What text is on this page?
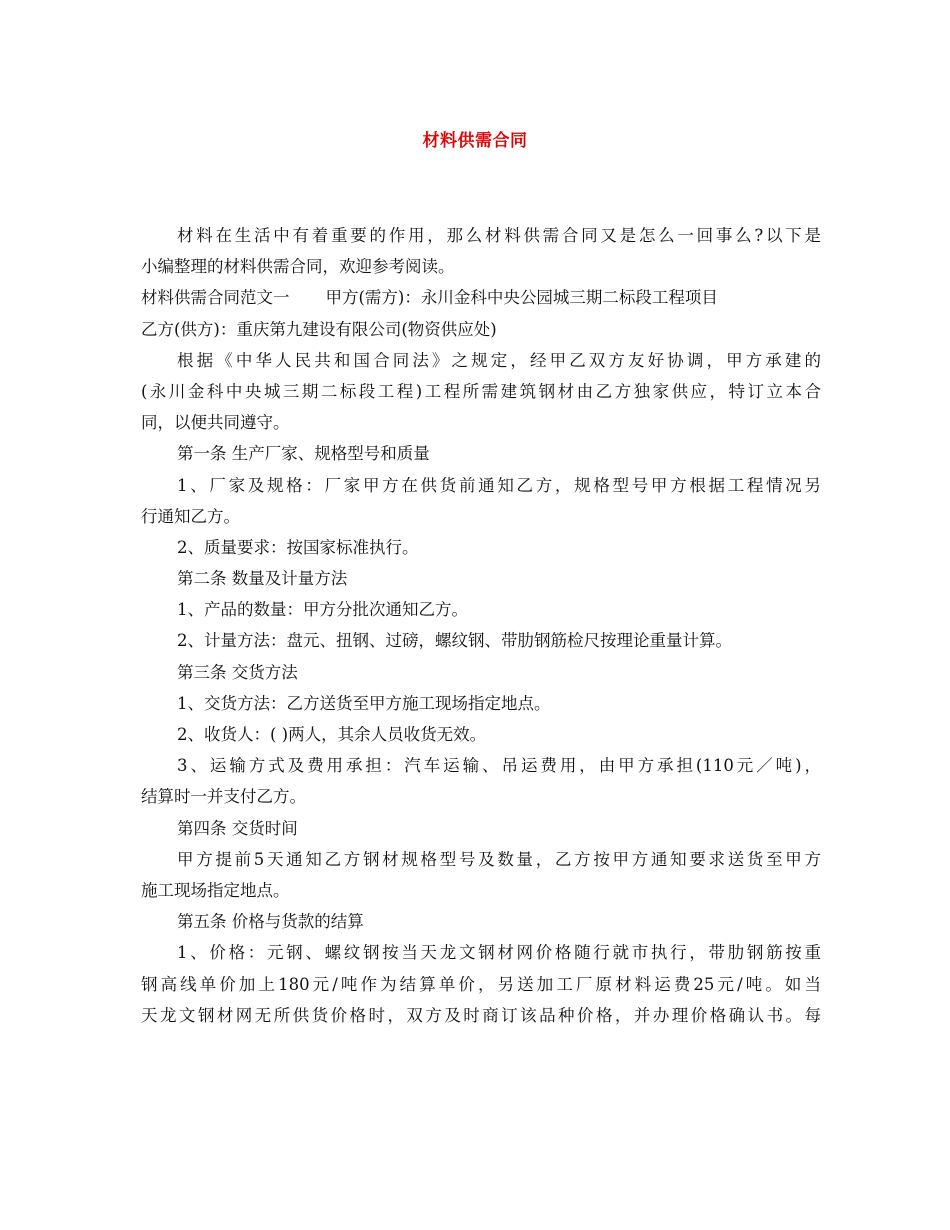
材料供需合同
材料在生活中有着重要的作用，那么材料供需合同又是怎么一回事么?以下是
小编整理的材料供需合同，欢迎参考阅读。
材料供需合同范文一 甲方(需方)：永川金科中央公园城三期二标段工程项目
乙方(供方)：重庆第九建设有限公司(物资供应处)
根据《中华人民共和国合同法》之规定，经甲乙双方友好协调，甲方承建的
(永川金科中央城三期二标段工程)工程所需建筑钢材由乙方独家供应，特订立本合
同，以便共同遵守。
第一条 生产厂家、规格型号和质量
1、厂家及规格：厂家甲方在供货前通知乙方，规格型号甲方根据工程情况另
行通知乙方。
2、质量要求：按国家标准执行。
第二条 数量及计量方法
1、产品的数量：甲方分批次通知乙方。
2、计量方法：盘元、扭钢、过磅，螺纹钢、带肋钢筋检尺按理论重量计算。
第三条 交货方法
1、交货方法：乙方送货至甲方施工现场指定地点。
2、收货人：( )两人，其余人员收货无效。
3、运输方式及费用承担：汽车运输、吊运费用，由甲方承担(110元／吨)，
结算时一并支付乙方。
第四条 交货时间
甲方提前5天通知乙方钢材规格型号及数量，乙方按甲方通知要求送货至甲方
施工现场指定地点。
第五条 价格与货款的结算
1、价格：元钢、螺纹钢按当天龙文钢材网价格随行就市执行，带肋钢筋按重
钢高线单价加上180元/吨作为结算单价，另送加工厂原材料运费25元/吨。如当
天龙文钢材网无所供货价格时，双方及时商订该品种价格，并办理价格确认书。每
